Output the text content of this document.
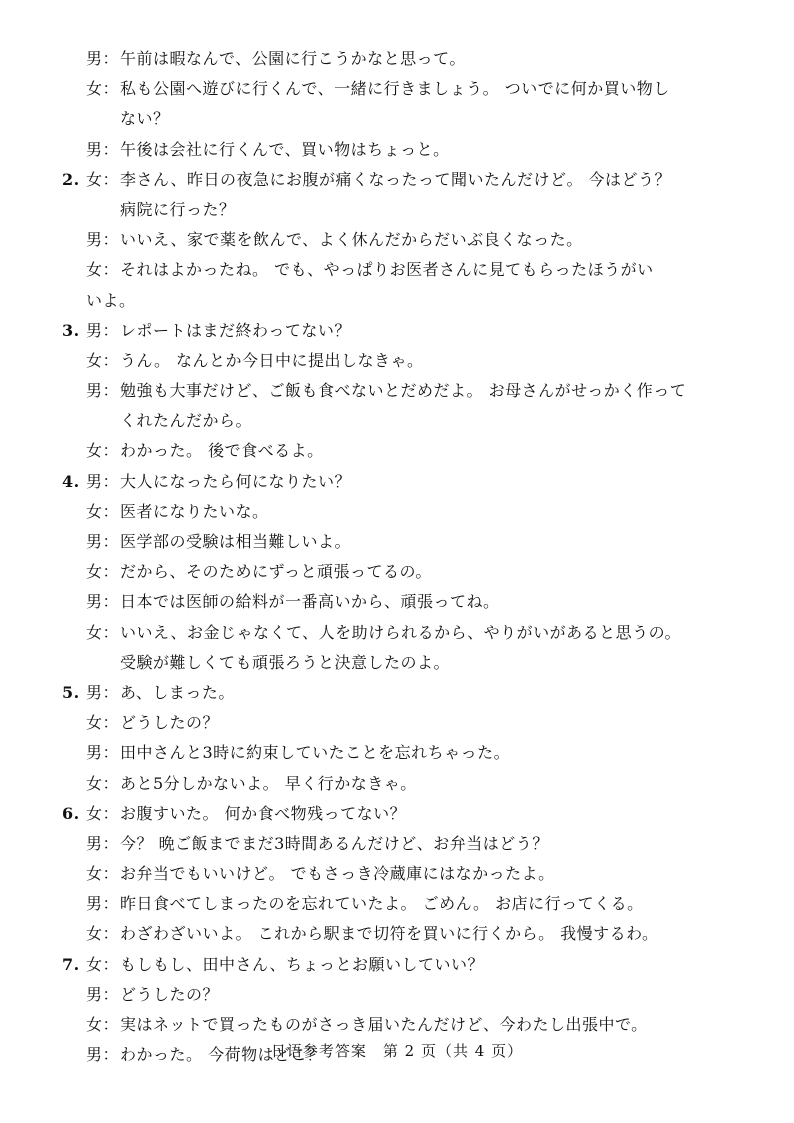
男： 午前は暇なんで、公園に行こうかなと思って。
女： 私も公園へ遊びに行くんで、一緒に行きましょう。 ついでに何か買い物し
ない？
男： 午後は会社に行くんで、買い物はちょっと。
2. 女： 李さん、昨日の夜急にお腹が痛くなったって聞いたんだけど。 今はどう？
病院に行った？
男： いいえ、家で薬を飲んで、よく休んだからだいぶ良くなった。
女： それはよかったね。 でも、やっぱりお医者さんに見てもらったほうがい
いよ。
3. 男： レポートはまだ終わってない？
女： うん。 なんとか今日中に提出しなきゃ。
男： 勉強も大事だけど、ご飯も食べないとだめだよ。 お母さんがせっかく作って
くれたんだから。
女： わかった。 後で食べるよ。
4. 男： 大人になったら何になりたい？
女： 医者になりたいな。
男： 医学部の受験は相当難しいよ。
女： だから、そのためにずっと頑張ってるの。
男： 日本では医師の給料が一番高いから、頑張ってね。
女： いいえ、お金じゃなくて、人を助けられるから、やりがいがあると思うの。
受験が難しくても頑張ろうと決意したのよ。
5. 男： あ、しまった。
女： どうしたの？
男： 田中さんと3時に約束していたことを忘れちゃった。
女： あと5分しかないよ。 早く行かなきゃ。
6. 女： お腹すいた。 何か食べ物残ってない？
男： 今？ 晩ご飯までまだ3時間あるんだけど、お弁当はどう？
女： お弁当でもいいけど。 でもさっき冷蔵庫にはなかったよ。
男： 昨日食べてしまったのを忘れていたよ。 ごめん。 お店に行ってくる。
女： わざわざいいよ。 これから駅まで切符を買いに行くから。 我慢するわ。
7. 女： もしもし、田中さん、ちょっとお願いしていい？
男： どうしたの？
女： 実はネットで買ったものがさっき届いたんだけど、今わたし出張中で。
男： わかった。 今荷物はどこ？
日语参考答案　第 2 页（共 4 页）
